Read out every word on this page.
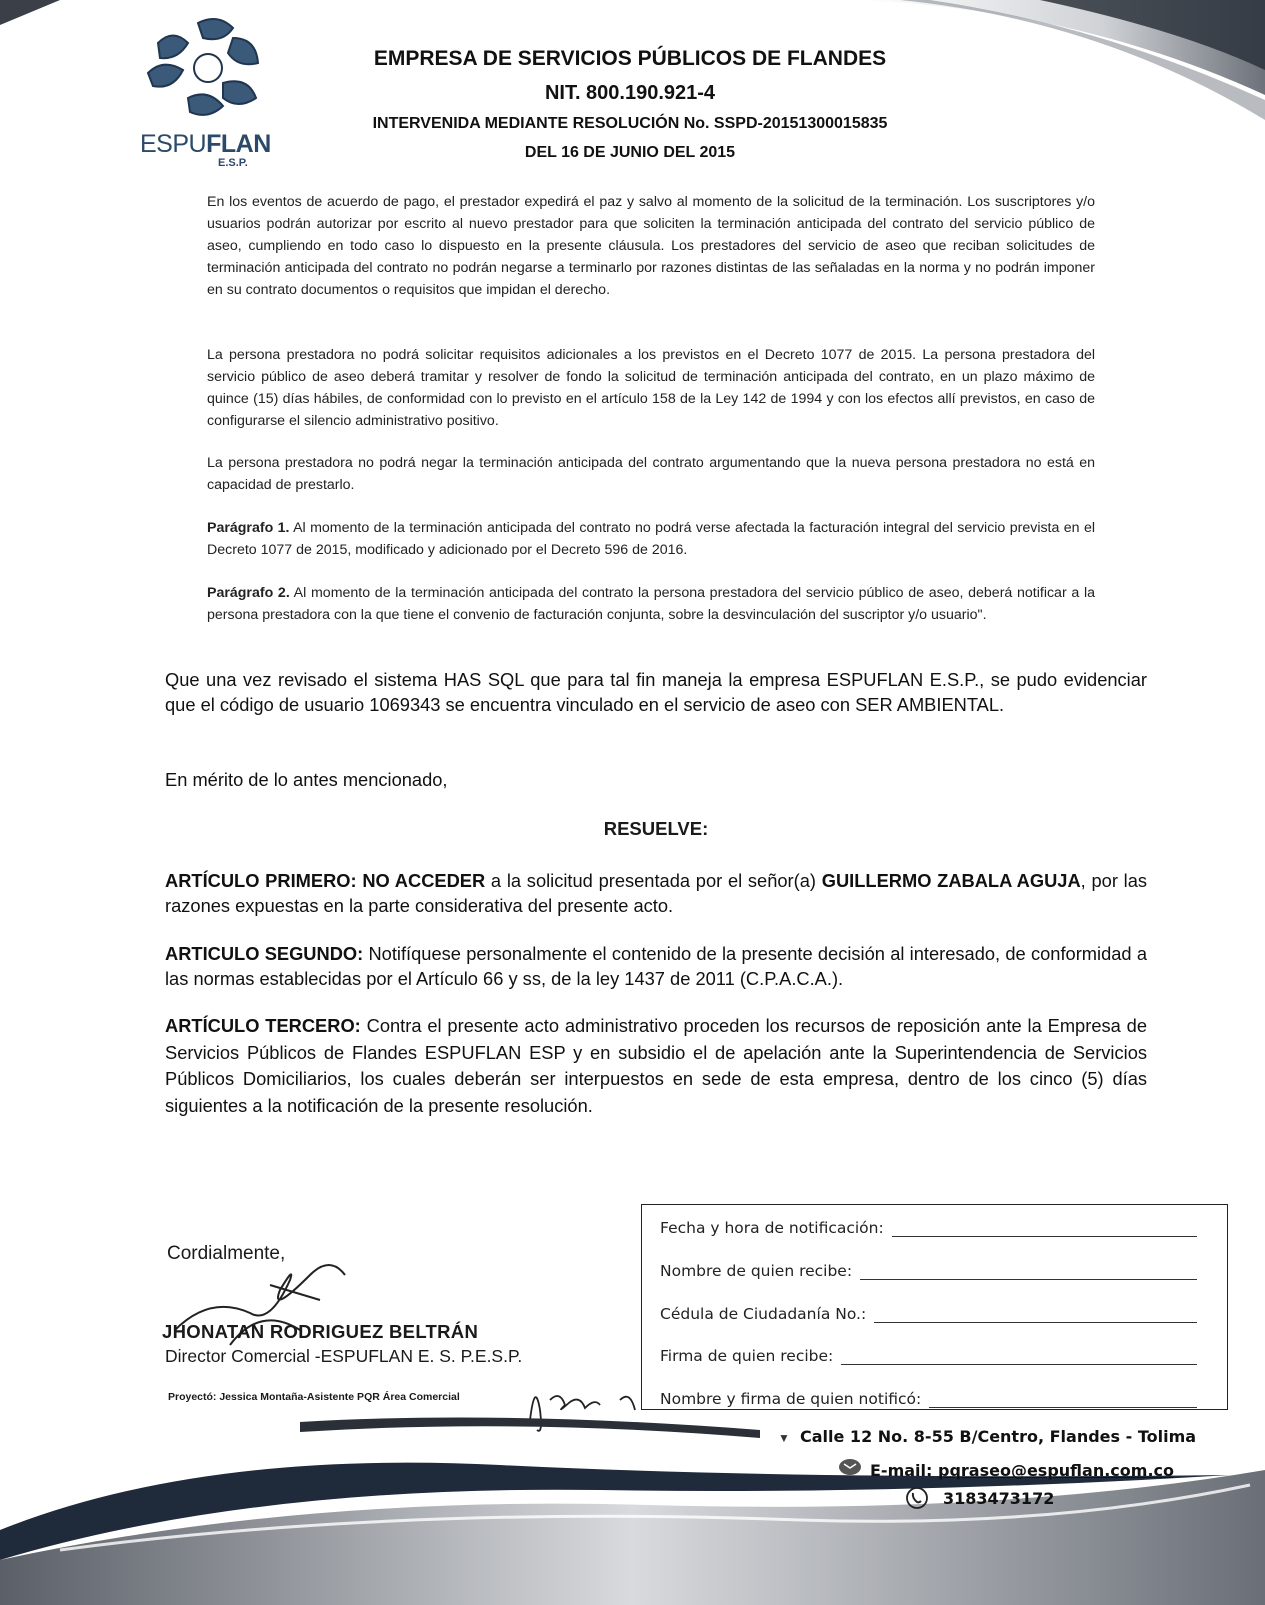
ESPUFLAN
E.S.P.
EMPRESA DE SERVICIOS PÚBLICOS DE FLANDES
NIT. 800.190.921-4
INTERVENIDA MEDIANTE RESOLUCIÓN No. SSPD-20151300015835
DEL 16 DE JUNIO DEL 2015
En los eventos de acuerdo de pago, el prestador expedirá el paz y salvo al momento de la solicitud de la terminación. Los suscriptores y/o usuarios podrán autorizar por escrito al nuevo prestador para que soliciten la terminación anticipada del contrato del servicio público de aseo, cumpliendo en todo caso lo dispuesto en la presente cláusula. Los prestadores del servicio de aseo que reciban solicitudes de terminación anticipada del contrato no podrán negarse a terminarlo por razones distintas de las señaladas en la norma y no podrán imponer en su contrato documentos o requisitos que impidan el derecho.
La persona prestadora no podrá solicitar requisitos adicionales a los previstos en el Decreto 1077 de 2015. La persona prestadora del servicio público de aseo deberá tramitar y resolver de fondo la solicitud de terminación anticipada del contrato, en un plazo máximo de quince (15) días hábiles, de conformidad con lo previsto en el artículo 158 de la Ley 142 de 1994 y con los efectos allí previstos, en caso de configurarse el silencio administrativo positivo.
La persona prestadora no podrá negar la terminación anticipada del contrato argumentando que la nueva persona prestadora no está en capacidad de prestarlo.
Parágrafo 1. Al momento de la terminación anticipada del contrato no podrá verse afectada la facturación integral del servicio prevista en el Decreto 1077 de 2015, modificado y adicionado por el Decreto 596 de 2016.
Parágrafo 2. Al momento de la terminación anticipada del contrato la persona prestadora del servicio público de aseo, deberá notificar a la persona prestadora con la que tiene el convenio de facturación conjunta, sobre la desvinculación del suscriptor y/o usuario".
Que una vez revisado el sistema HAS SQL que para tal fin maneja la empresa ESPUFLAN E.S.P., se pudo evidenciar que el código de usuario 1069343 se encuentra vinculado en el servicio de aseo con SER AMBIENTAL.
En mérito de lo antes mencionado,
RESUELVE:
ARTÍCULO PRIMERO: NO ACCEDER a la solicitud presentada por el señor(a) GUILLERMO ZABALA AGUJA, por las razones expuestas en la parte considerativa del presente acto.
ARTICULO SEGUNDO: Notifíquese personalmente el contenido de la presente decisión al interesado, de conformidad a las normas establecidas por el Artículo 66 y ss, de la ley 1437 de 2011 (C.P.A.C.A.).
ARTÍCULO TERCERO: Contra el presente acto administrativo proceden los recursos de reposición ante la Empresa de Servicios Públicos de Flandes ESPUFLAN ESP y en subsidio el de apelación ante la Superintendencia de Servicios Públicos Domiciliarios, los cuales deberán ser interpuestos en sede de esta empresa, dentro de los cinco (5) días siguientes a la notificación de la presente resolución.
Cordialmente,
JHONATAN RODRIGUEZ BELTRÁN
Director Comercial -ESPUFLAN E. S. P.E.S.P.
Proyectó: Jessica Montaña-Asistente PQR Área Comercial
Fecha y hora de notificación:
Nombre de quien recibe:
Cédula de Ciudadanía No.:
Firma de quien recibe:
Nombre y firma de quien notificó:
▼ Calle 12 No. 8-55 B/Centro, Flandes - Tolima
E-mail: pqraseo@espuflan.com.co
3183473172
